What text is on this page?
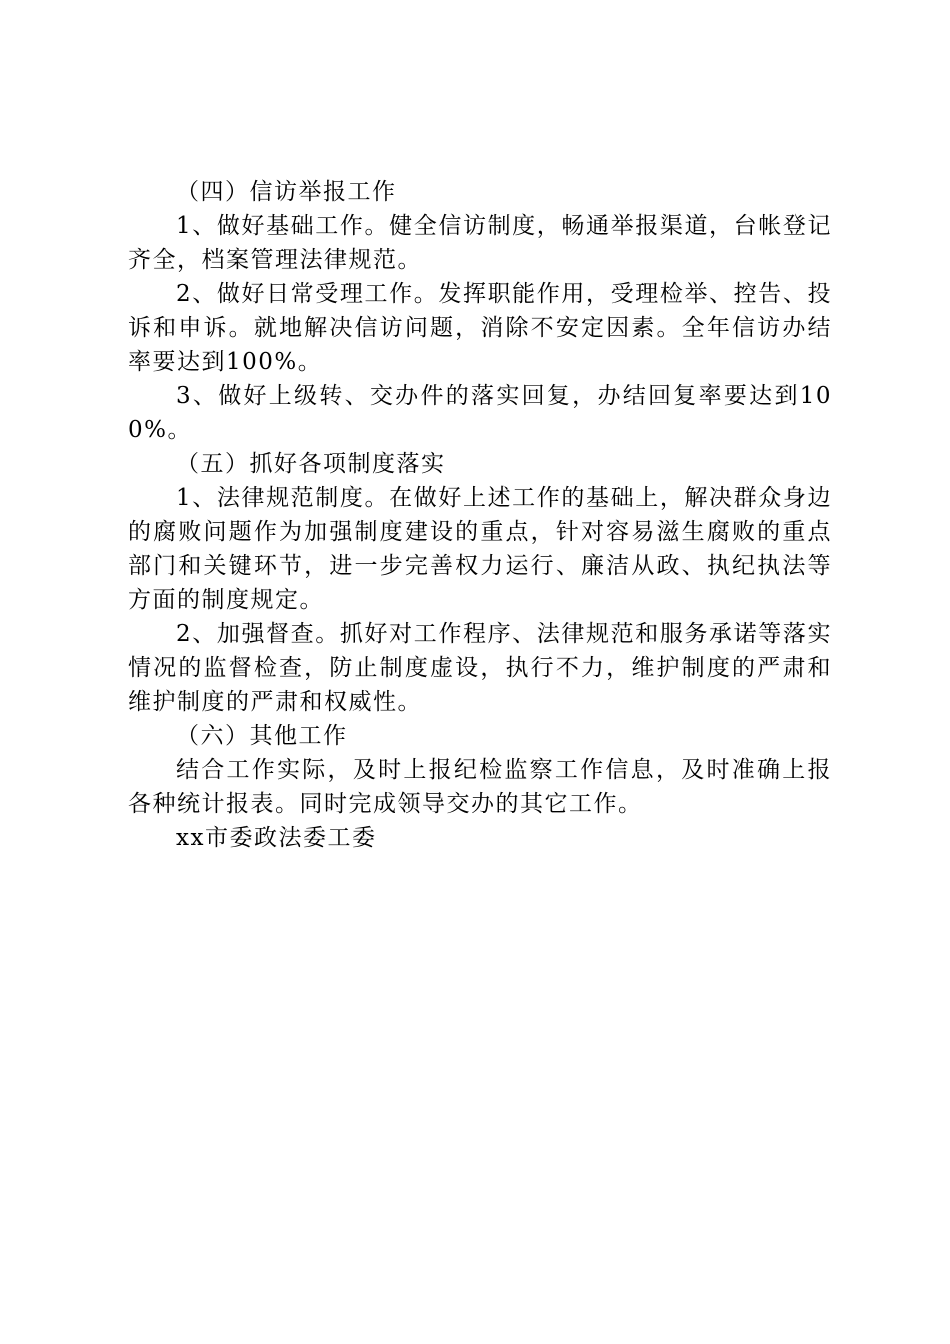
（四）信访举报工作

1、做好基础工作。健全信访制度，畅通举报渠道，台帐登记齐全，档案管理法律规范。

2、做好日常受理工作。发挥职能作用，受理检举、控告、投诉和申诉。就地解决信访问题，消除不安定因素。全年信访办结率要达到100%。

3、做好上级转、交办件的落实回复，办结回复率要达到100%。

（五）抓好各项制度落实

1、法律规范制度。在做好上述工作的基础上，解决群众身边的腐败问题作为加强制度建设的重点，针对容易滋生腐败的重点部门和关键环节，进一步完善权力运行、廉洁从政、执纪执法等方面的制度规定。

2、加强督查。抓好对工作程序、法律规范和服务承诺等落实情况的监督检查，防止制度虚设，执行不力，维护制度的严肃和维护制度的严肃和权威性。

（六）其他工作

结合工作实际，及时上报纪检监察工作信息，及时准确上报各种统计报表。同时完成领导交办的其它工作。

xx市委政法委工委
